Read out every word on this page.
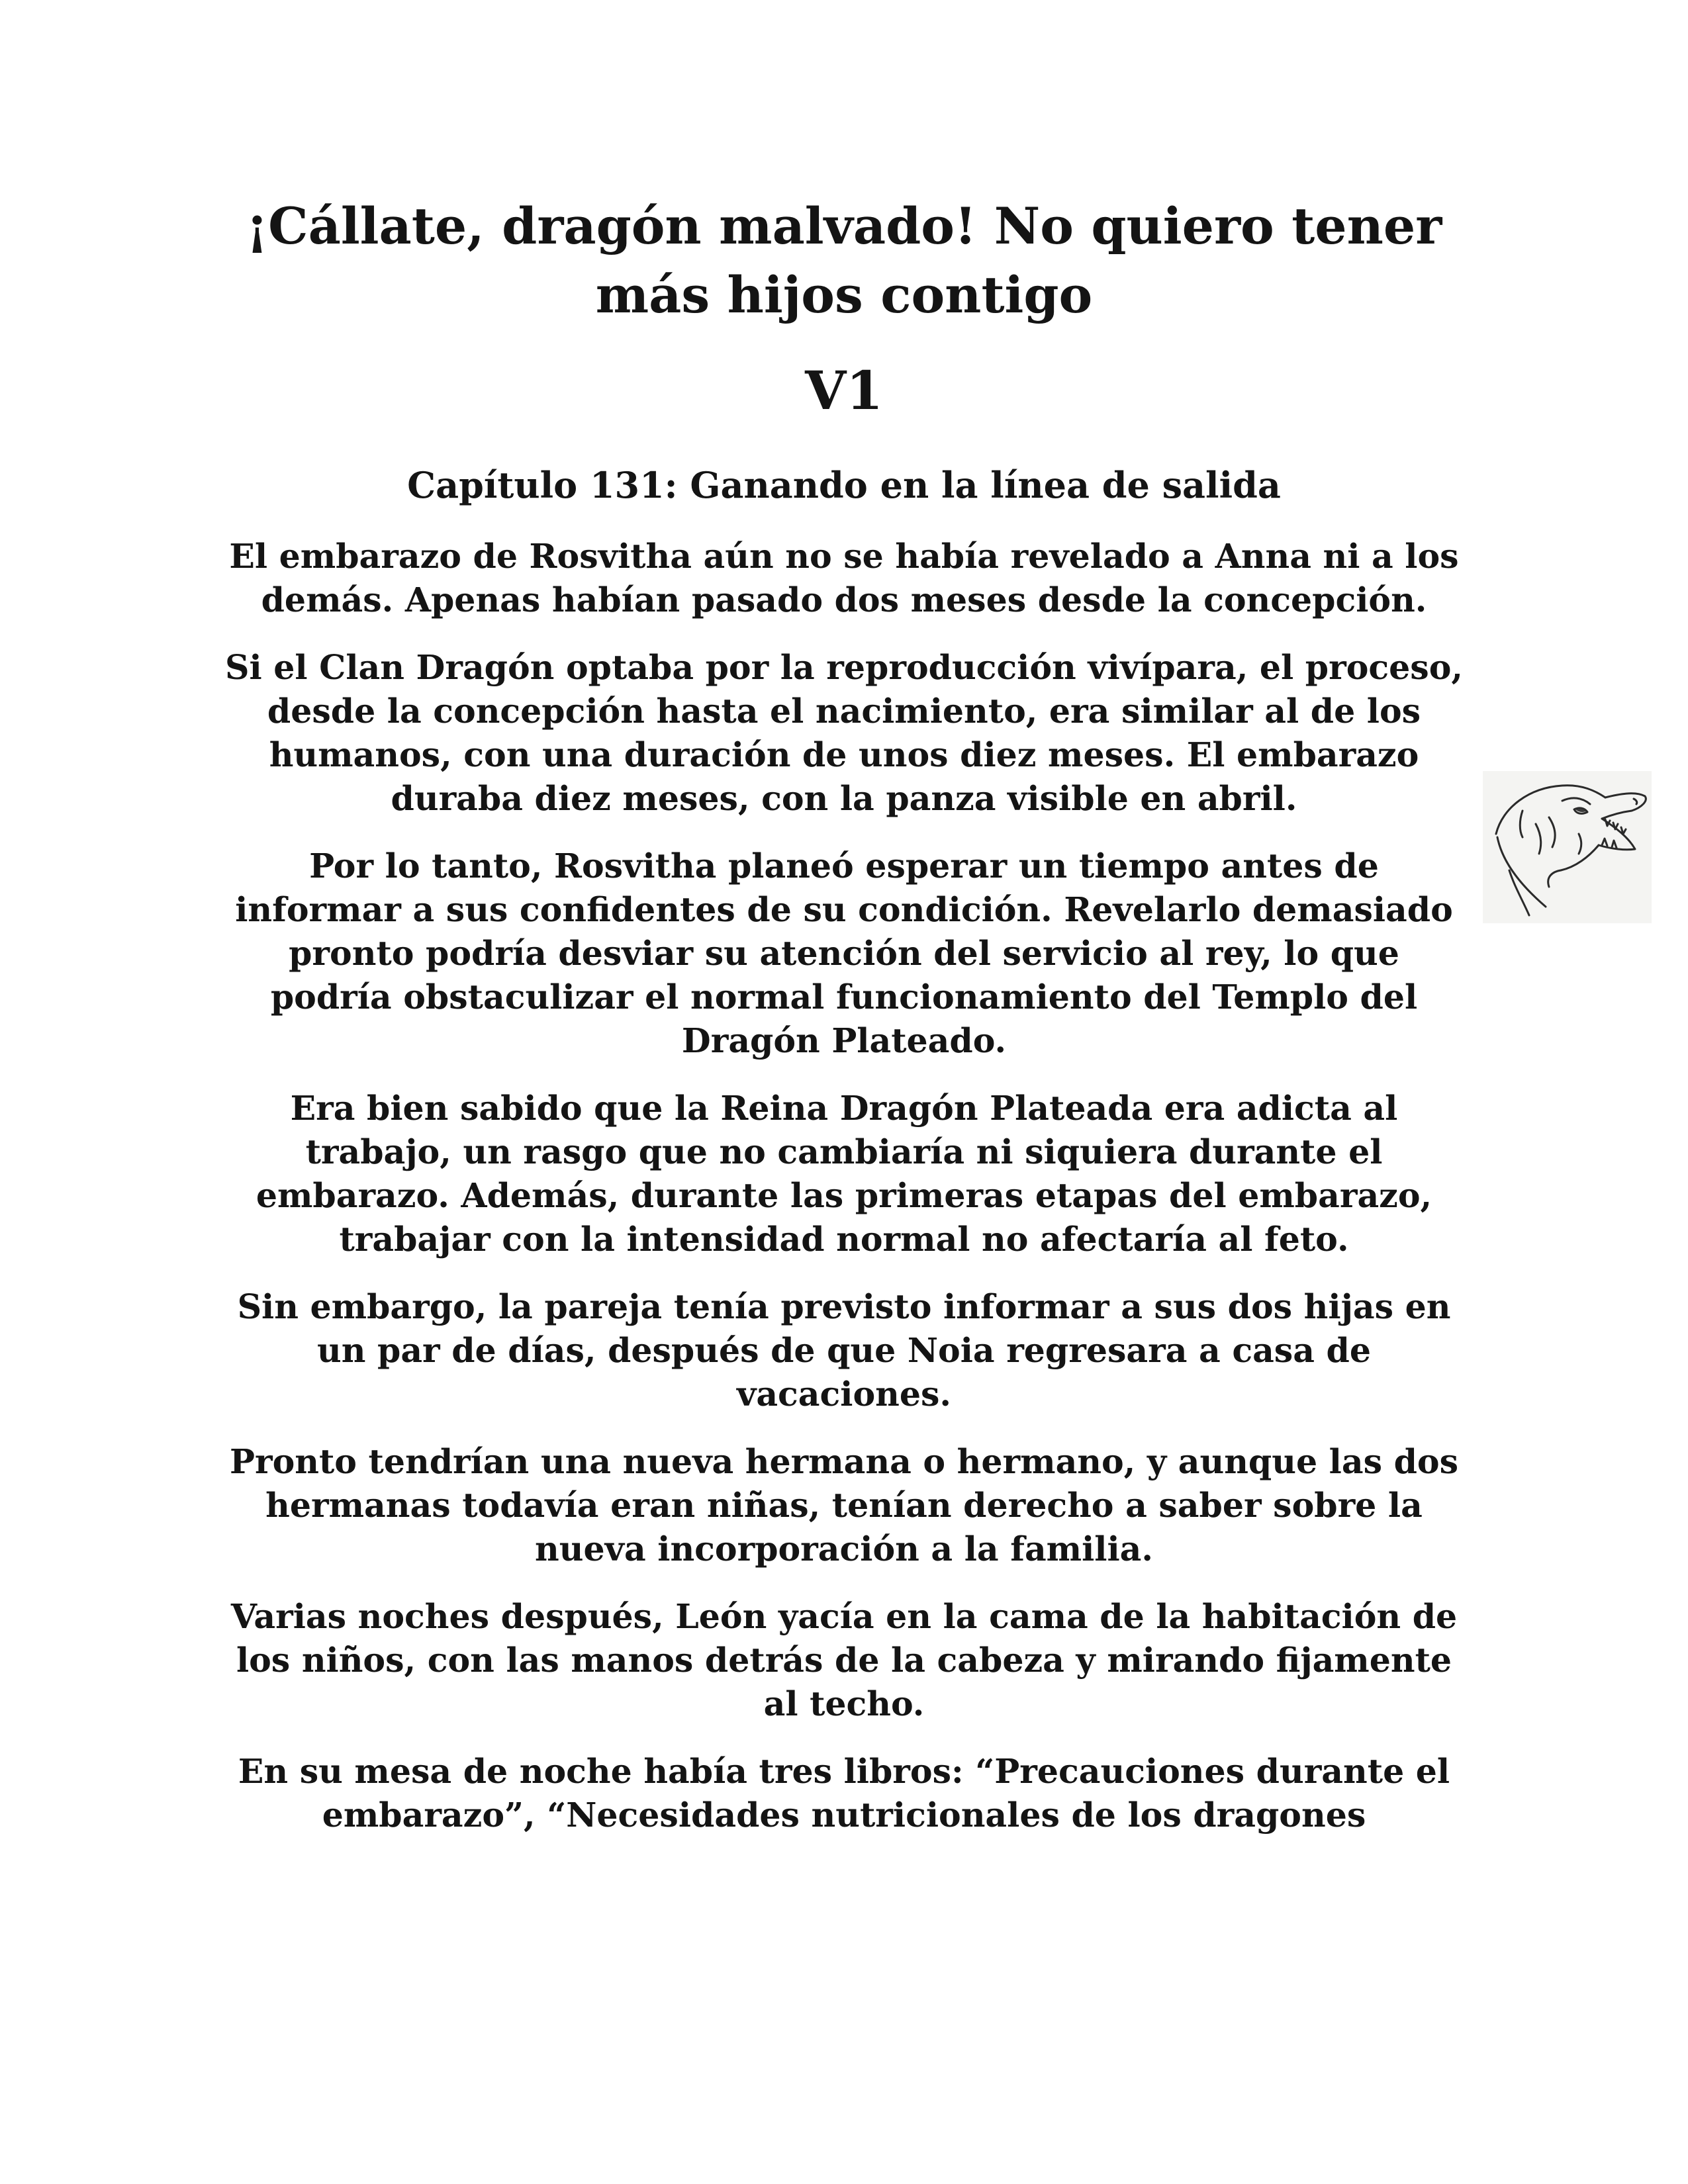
¡Cállate, dragón malvado! No quiero tener más hijos contigo
V1
Capítulo 131: Ganando en la línea de salida

El embarazo de Rosvitha aún no se había revelado a Anna ni a los demás. Apenas habían pasado dos meses desde la concepción.

Si el Clan Dragón optaba por la reproducción vivípara, el proceso, desde la concepción hasta el nacimiento, era similar al de los humanos, con una duración de unos diez meses. El embarazo duraba diez meses, con la panza visible en abril.

Por lo tanto, Rosvitha planeó esperar un tiempo antes de informar a sus confidentes de su condición. Revelarlo demasiado pronto podría desviar su atención del servicio al rey, lo que podría obstaculizar el normal funcionamiento del Templo del Dragón Plateado.

Era bien sabido que la Reina Dragón Plateada era adicta al trabajo, un rasgo que no cambiaría ni siquiera durante el embarazo. Además, durante las primeras etapas del embarazo, trabajar con la intensidad normal no afectaría al feto.

Sin embargo, la pareja tenía previsto informar a sus dos hijas en un par de días, después de que Noia regresara a casa de vacaciones.

Pronto tendrían una nueva hermana o hermano, y aunque las dos hermanas todavía eran niñas, tenían derecho a saber sobre la nueva incorporación a la familia.

Varias noches después, León yacía en la cama de la habitación de los niños, con las manos detrás de la cabeza y mirando fijamente al techo.

En su mesa de noche había tres libros: “Precauciones durante el embarazo”, “Necesidades nutricionales de los dragones
